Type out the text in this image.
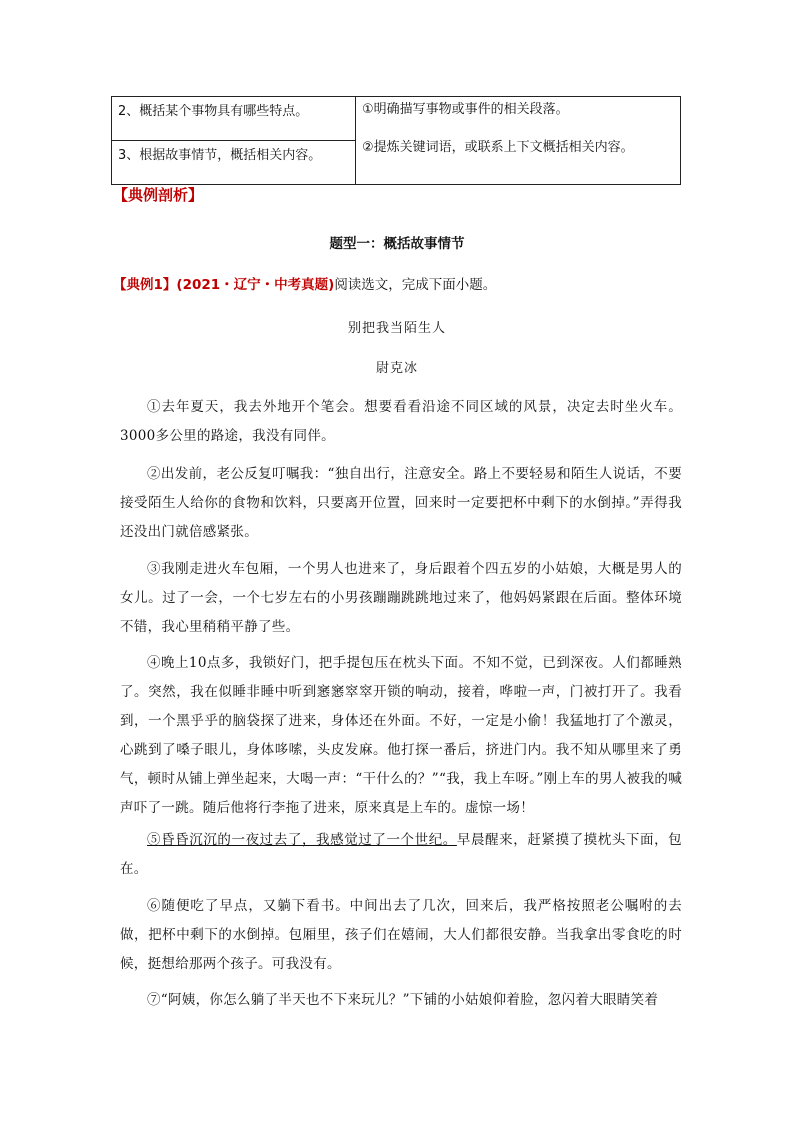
2、概括某个事物具有哪些特点。	①明确描写事物或事件的相关段落。
②提炼关键词语，或联系上下文概括相关内容。

3、根据故事情节，概括相关内容。
【典例剖析】
题型一：概括故事情节
【典例1】(2021・辽宁・中考真题)阅读选文，完成下面小题。
别把我当陌生人
尉克冰
①去年夏天，我去外地开个笔会。想要看看沿途不同区域的风景，决定去时坐火车。3000多公里的路途，我没有同伴。
②出发前，老公反复叮嘱我：“独自出行，注意安全。路上不要轻易和陌生人说话，不要接受陌生人给你的食物和饮料，只要离开位置，回来时一定要把杯中剩下的水倒掉。”弄得我还没出门就倍感紧张。
③我刚走进火车包厢，一个男人也进来了，身后跟着个四五岁的小姑娘，大概是男人的女儿。过了一会，一个七岁左右的小男孩蹦蹦跳跳地过来了，他妈妈紧跟在后面。整体环境不错，我心里稍稍平静了些。
④晚上10点多，我锁好门，把手提包压在枕头下面。不知不觉，已到深夜。人们都睡熟了。突然，我在似睡非睡中听到窸窸窣窣开锁的响动，接着，哗啦一声，门被打开了。我看到，一个黑乎乎的脑袋探了进来，身体还在外面。不好，一定是小偷！我猛地打了个激灵，心跳到了嗓子眼儿，身体哆嗦，头皮发麻。他打探一番后，挤进门内。我不知从哪里来了勇气，顿时从铺上弹坐起来，大喝一声：“干什么的？”“我，我上车呀。”刚上车的男人被我的喊声吓了一跳。随后他将行李拖了进来，原来真是上车的。虚惊一场！
⑤昏昏沉沉的一夜过去了，我感觉过了一个世纪。早晨醒来，赶紧摸了摸枕头下面，包在。
⑥随便吃了早点，又躺下看书。中间出去了几次，回来后，我严格按照老公嘱咐的去做，把杯中剩下的水倒掉。包厢里，孩子们在嬉闹，大人们都很安静。当我拿出零食吃的时候，挺想给那两个孩子。可我没有。
⑦“阿姨，你怎么躺了半天也不下来玩儿？”下铺的小姑娘仰着脸，忽闪着大眼睛笑着
